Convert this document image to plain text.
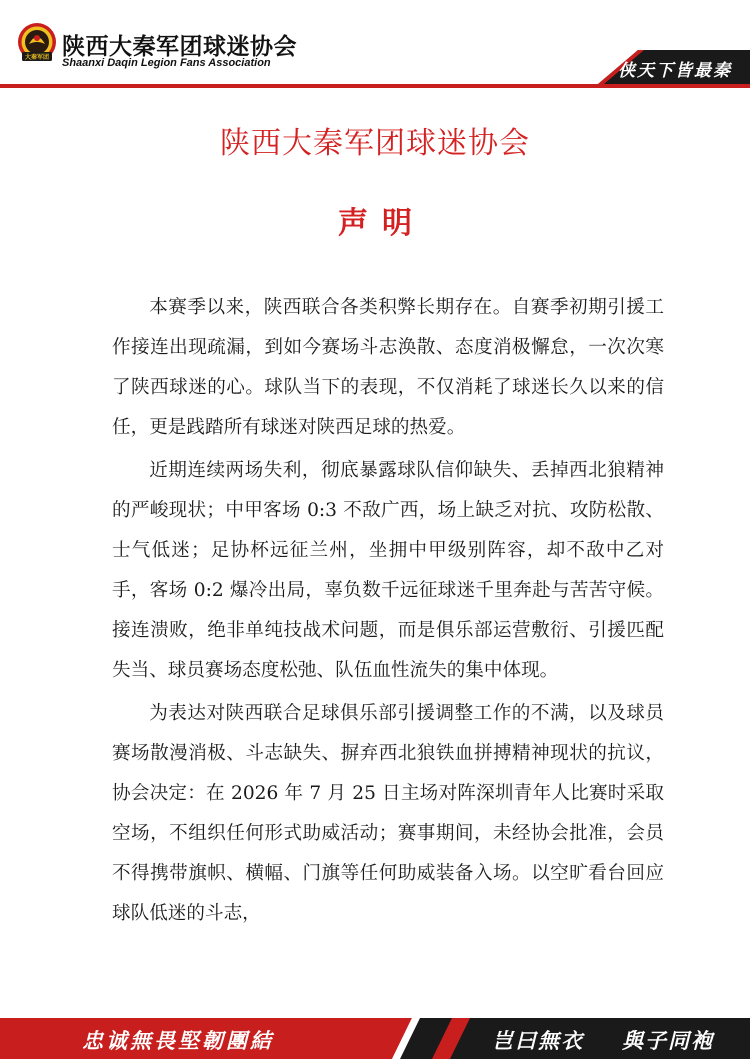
大秦军团 陕西大秦军团球迷协会
Shaanxi Daqin Legion Fans Association	侠天下皆最秦
陕西大秦军团球迷协会
声明

本赛季以来，陕西联合各类积弊长期存在。自赛季初期引援工作接连出现疏漏，到如今赛场斗志涣散、态度消极懈怠，一次次寒了陕西球迷的心。球队当下的表现，不仅消耗了球迷长久以来的信任，更是践踏所有球迷对陕西足球的热爱。

近期连续两场失利，彻底暴露球队信仰缺失、丢掉西北狼精神的严峻现状；中甲客场 0:3 不敌广西，场上缺乏对抗、攻防松散、士气低迷；足协杯远征兰州，坐拥中甲级别阵容，却不敌中乙对手，客场 0:2 爆冷出局，辜负数千远征球迷千里奔赴与苦苦守候。接连溃败，绝非单纯技战术问题，而是俱乐部运营敷衍、引援匹配失当、球员赛场态度松弛、队伍血性流失的集中体现。

为表达对陕西联合足球俱乐部引援调整工作的不满，以及球员赛场散漫消极、斗志缺失、摒弃西北狼铁血拼搏精神现状的抗议，协会决定：在 2026 年 7 月 25 日主场对阵深圳青年人比赛时采取空场，不组织任何形式助威活动；赛事期间，未经协会批准，会员不得携带旗帜、横幅、门旗等任何助威装备入场。以空旷看台回应球队低迷的斗志，

忠诚無畏堅韌團結	岂曰無衣 與子同袍
